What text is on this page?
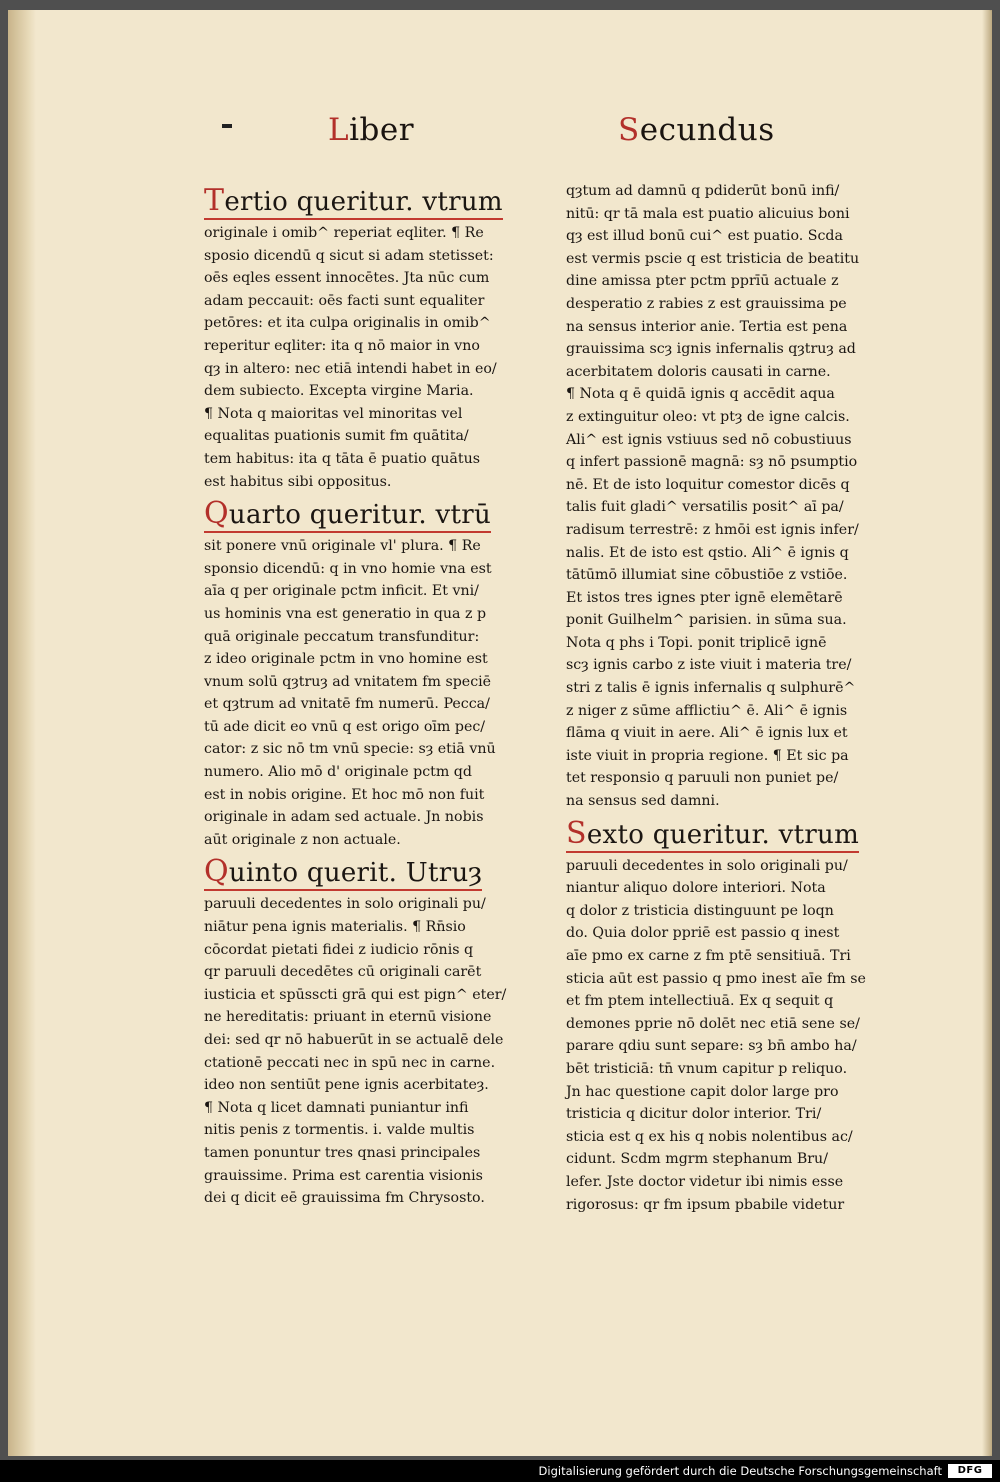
Liber	Secundus
Tertio queritur. vtrum
originale i omib^ reperiat eqliter. ¶ Re
sposio dicendū q sicut si adam stetisset:
oēs eqles essent innocētes. Jta nūc cum
adam peccauit: oēs facti sunt equaliter
petōres: et ita culpa originalis in omib^
reperitur eqliter: ita q nō maior in vno
qȝ in altero: nec etiā intendi habet in eo/
dem subiecto. Excepta virgine Maria.
¶ Nota q maioritas vel minoritas vel
equalitas puationis sumit fm quātita/
tem habitus: ita q tāta ē puatio quātus
est habitus sibi oppositus.
Quarto queritur. vtrū
sit ponere vnū originale vl' plura. ¶ Re
sponsio dicendū: q in vno homie vna est
aīa q per originale pctm inficit. Et vni/
us hominis vna est generatio in qua z p
quā originale peccatum transfunditur:
z ideo originale pctm in vno homine est
vnum solū qȝtruȝ ad vnitatem fm speciē
et qȝtrum ad vnitatē fm numerū. Pecca/
tū ade dicit eo vnū q est origo oīm pec/
cator: z sic nō tm vnū specie: sȝ etiā vnū
numero. Alio mō d' originale pctm qd
est in nobis origine. Et hoc mō non fuit
originale in adam sed actuale. Jn nobis
aūt originale z non actuale.
Quinto querit. Utruȝ
paruuli decedentes in solo originali pu/
niātur pena ignis materialis. ¶ Rn̄sio
cōcordat pietati fidei z iudicio rōnis q
qr paruuli decedētes cū originali carēt
iusticia et spūsscti grā qui est pign^ eter/
ne hereditatis: priuant in eternū visione
dei: sed qr nō habuerūt in se actualē dele
ctationē peccati nec in spū nec in carne.
ideo non sentiūt pene ignis acerbitateȝ.
¶ Nota q licet damnati puniantur infi
nitis penis z tormentis. i. valde multis
tamen ponuntur tres qnasi principales
grauissime. Prima est carentia visionis
dei q dicit eē grauissima fm Chrysosto.
qȝtum ad damnū q pdiderūt bonū infi/
nitū: qr tā mala est puatio alicuius boni
qȝ est illud bonū cui^ est puatio. Scda
est vermis pscie q est tristicia de beatitu
dine amissa pter pctm pprīū actuale z
desperatio z rabies z est grauissima pe
na sensus interior anie. Tertia est pena
grauissima scȝ ignis infernalis qȝtruȝ ad
acerbitatem doloris causati in carne.
¶ Nota q ē quidā ignis q accēdit aqua
z extinguitur oleo: vt ptȝ de igne calcis.
Ali^ est ignis vstiuus sed nō cobustiuus
q infert passionē magnā: sȝ nō psumptio
nē. Et de isto loquitur comestor dicēs q
talis fuit gladi^ versatilis posit^ aī pa/
radisum terrestrē: z hmōi est ignis infer/
nalis. Et de isto est qstio. Ali^ ē ignis q
tātūmō illumiat sine cōbustiōe z vstiōe.
Et istos tres ignes pter ignē elemētarē
ponit Guilhelm^ parisien. in sūma sua.
Nota q phs i Topi. ponit triplicē ignē
scȝ ignis carbo z iste viuit i materia tre/
stri z talis ē ignis infernalis q sulphurē^
z niger z sūme afflictiu^ ē. Ali^ ē ignis
flāma q viuit in aere. Ali^ ē ignis lux et
iste viuit in propria regione. ¶ Et sic pa
tet responsio q paruuli non puniet pe/
na sensus sed damni.
Sexto queritur. vtrum
paruuli decedentes in solo originali pu/
niantur aliquo dolore interiori. Nota
q dolor z tristicia distinguunt pe loqn
do. Quia dolor ppriē est passio q inest
aīe pmo ex carne z fm ptē sensitiuā. Tri
sticia aūt est passio q pmo inest aīe fm se
et fm ptem intellectiuā. Ex q sequit q
demones pprie nō dolēt nec etiā sene se/
parare qdiu sunt separe: sȝ bn̄ ambo ha/
bēt tristiciā: tn̄ vnum capitur p reliquo.
Jn hac questione capit dolor large pro
tristicia q dicitur dolor interior. Tri/
sticia est q ex his q nobis nolentibus ac/
cidunt. Scdm mgrm stephanum Bru/
lefer. Jste doctor videtur ibi nimis esse
rigorosus: qr fm ipsum pbabile videtur
Digitalisierung gefördert durch die Deutsche Forschungsgemeinschaft	DFG
